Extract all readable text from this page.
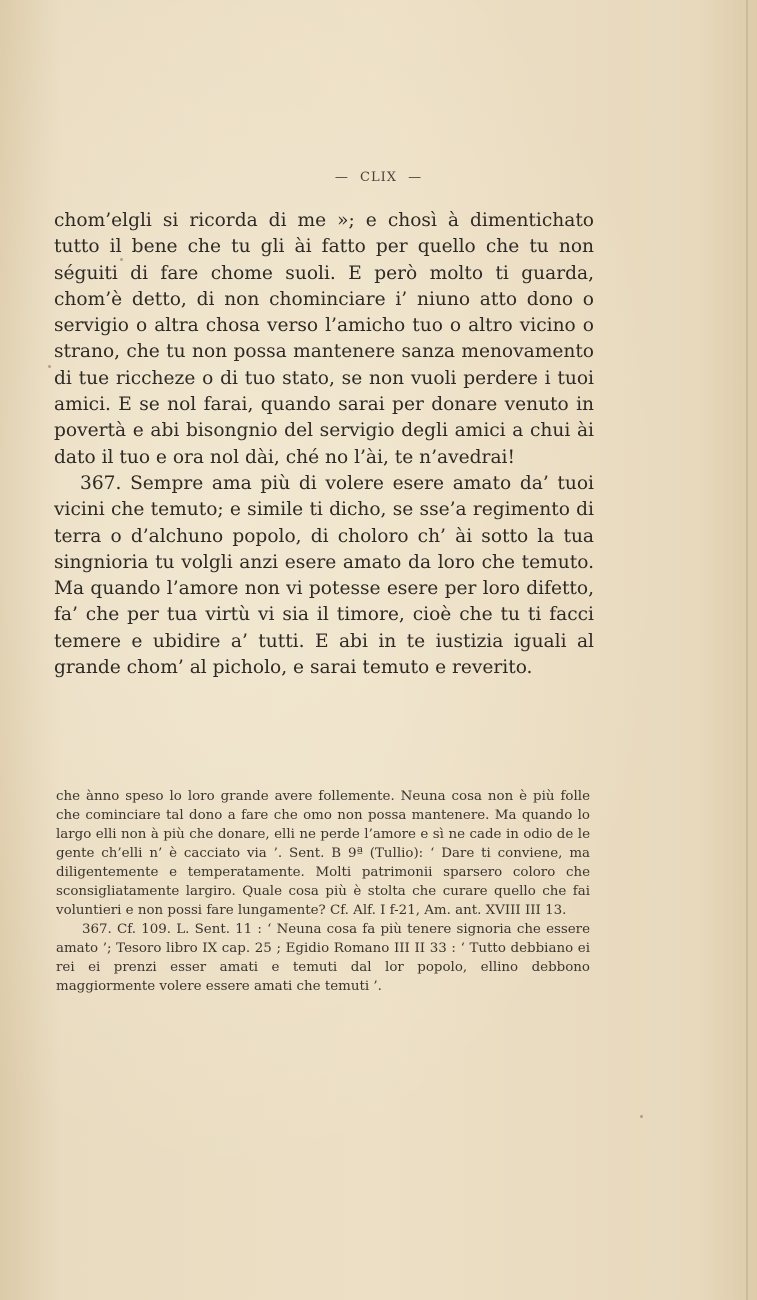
— CLIX —

chom’elgli si ricorda di me »; e chosì à dimentichato tutto il bene che tu gli ài fatto per quello che tu non séguiti di fare chome suoli. E però molto ti guarda, chom’è detto, di non chominciare i’ niuno atto dono o servigio o altra chosa verso l’amicho tuo o altro vicino o strano, che tu non possa mantenere sanza menovamento di tue riccheze o di tuo stato, se non vuoli perdere i tuoi amici. E se nol farai, quando sarai per donare venuto in povertà e abi bisongnio del servigio degli amici a chui ài dato il tuo e ora nol dài, ché no l’ài, te n’avedrai!

367. Sempre ama più di volere esere amato da’ tuoi vicini che temuto; e simile ti dicho, se sse’a regimento di terra o d’alchuno popolo, di choloro ch’ ài sotto la tua singnioria tu volgli anzi esere amato da loro che temuto. Ma quando l’amore non vi potesse esere per loro difetto, fa’ che per tua virtù vi sia il timore, cioè che tu ti facci temere e ubidire a’ tutti. E abi in te iustizia iguali al grande chom’ al picholo, e sarai temuto e reverito.

che ànno speso lo loro grande avere follemente. Neuna cosa non è più folle che cominciare tal dono a fare che omo non possa mantenere. Ma quando lo largo elli non à più che donare, elli ne perde l’amore e sì ne cade in odio de le gente ch’elli n’ è cacciato via ’. Sent. B 9ª (Tullio): ‘ Dare ti conviene, ma diligentemente e temperatamente. Molti patrimonii sparsero coloro che sconsigliatamente largiro. Quale cosa più è stolta che curare quello che fai voluntieri e non possi fare lungamente? Cf. Alf. I f-21, Am. ant. XVIII III 13.

367. Cf. 109. L. Sent. 11 : ‘ Neuna cosa fa più tenere signoria che essere amato ’; Tesoro libro IX cap. 25 ; Egidio Romano III II 33 : ‘ Tutto debbiano ei rei ei prenzi esser amati e temuti dal lor popolo, ellino debbono maggiormente volere essere amati che temuti ’.
